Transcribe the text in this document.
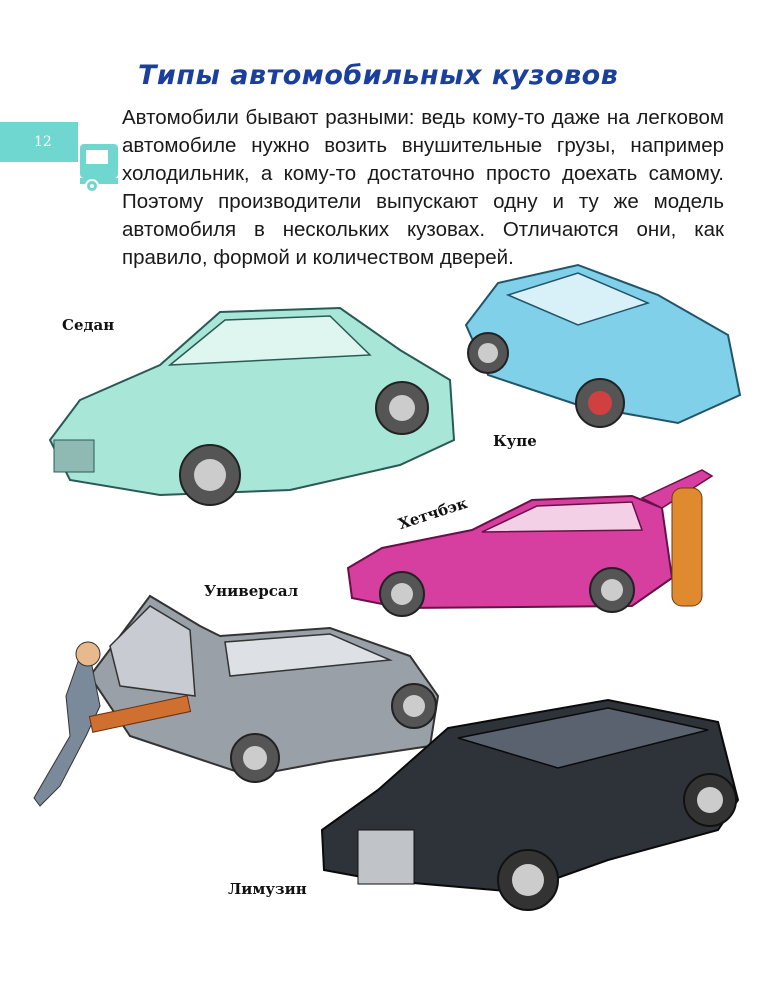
12
Типы автомобильных кузовов

Автомобили бывают разными: ведь кому-то даже на легковом автомобиле нужно возить внушительные грузы, например холодильник, а кому-то достаточно просто доехать самому. Поэтому производители выпускают одну и ту же модель автомобиля в нескольких кузовах. Отличаются они, как правило, формой и количеством дверей.

Седан
Купе
Хетчбэк
Универсал
Лимузин
